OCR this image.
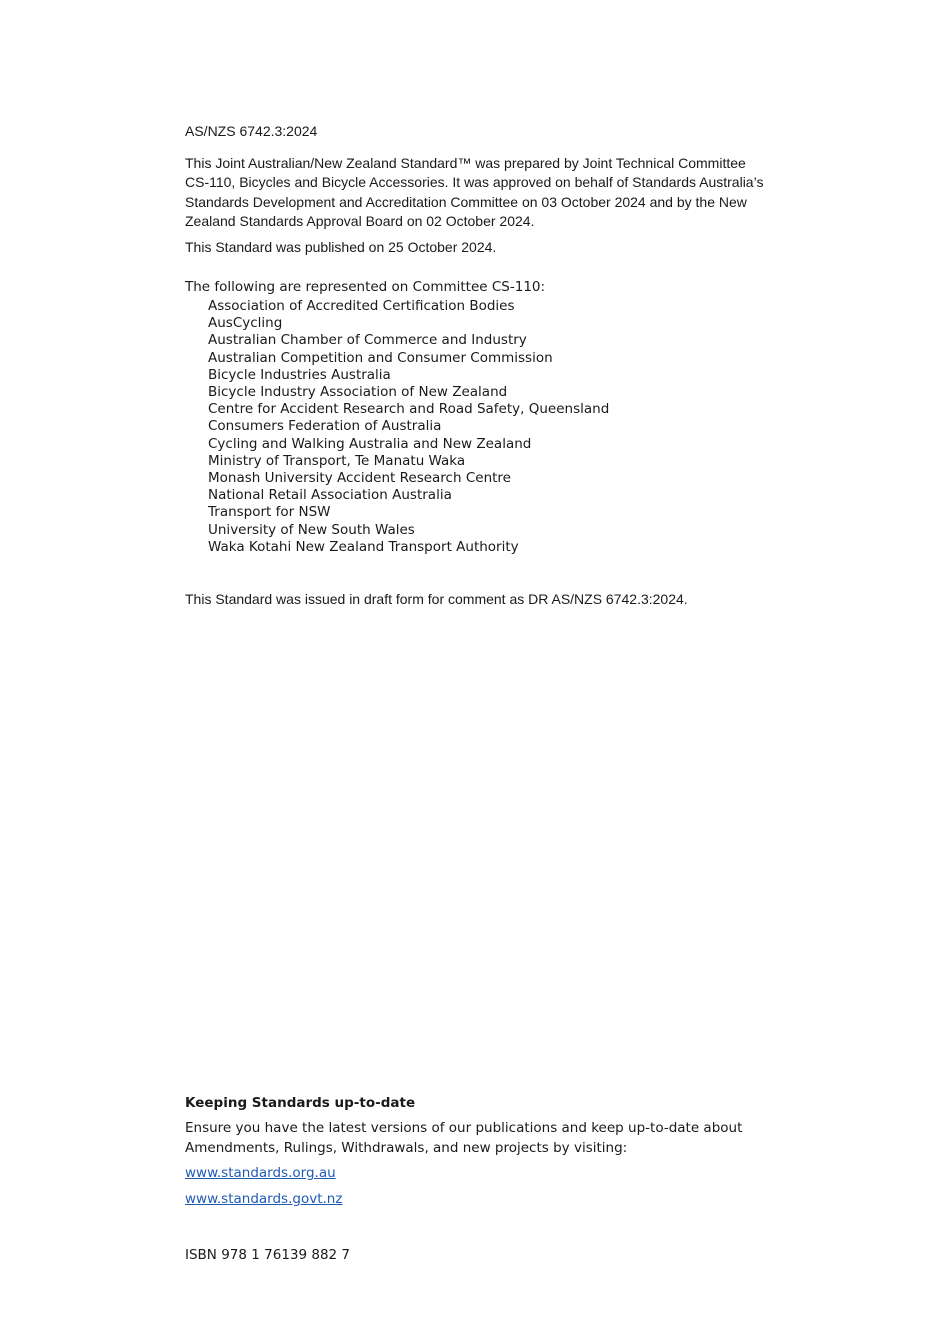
AS/NZS 6742.3:2024

This Joint Australian/New Zealand Standard™ was prepared by Joint Technical Committee CS-110, Bicycles and Bicycle Accessories. It was approved on behalf of Standards Australia’s Standards Development and Accreditation Committee on 03 October 2024 and by the New Zealand Standards Approval Board on 02 October 2024.

This Standard was published on 25 October 2024.

The following are represented on Committee CS-110:

Association of Accredited Certification Bodies
AusCycling
Australian Chamber of Commerce and Industry
Australian Competition and Consumer Commission
Bicycle Industries Australia
Bicycle Industry Association of New Zealand
Centre for Accident Research and Road Safety, Queensland
Consumers Federation of Australia
Cycling and Walking Australia and New Zealand
Ministry of Transport, Te Manatu Waka
Monash University Accident Research Centre
National Retail Association Australia
Transport for NSW
University of New South Wales
Waka Kotahi New Zealand Transport Authority
This Standard was issued in draft form for comment as DR AS/NZS 6742.3:2024.

Keeping Standards up-to-date

Ensure you have the latest versions of our publications and keep up-to-date about Amendments, Rulings, Withdrawals, and new projects by visiting:

www.standards.org.au
www.standards.govt.nz
ISBN 978 1 76139 882 7
